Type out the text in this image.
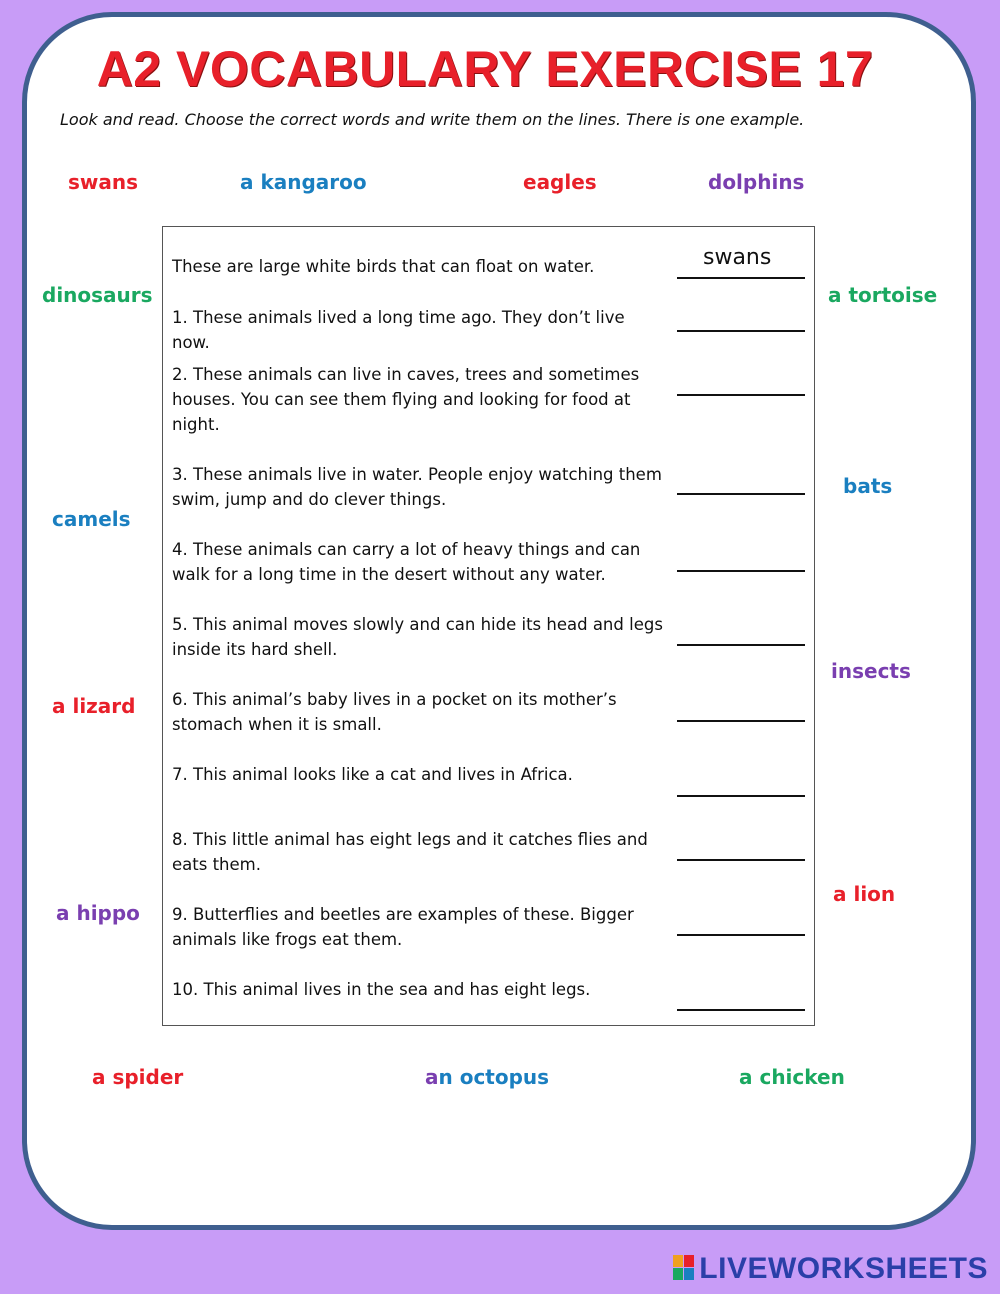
A2 VOCABULARY EXERCISE 17
Look and read. Choose the correct words and write them on the lines. There is one example.
swans	a kangaroo	eagles	dolphins
dinosaurs	a tortoise
bats
camels
insects
a lizard
a lion
a hippo
a spider	an octopus	a chicken
These are large white birds that can float on water.	swans
1. These animals lived a long time ago. They don’t live now.
2. These animals can live in caves, trees and sometimes houses. You can see them flying and looking for food at night.
3. These animals live in water. People enjoy watching them swim, jump and do clever things.
4. These animals can carry a lot of heavy things and can walk for a long time in the desert without any water.
5. This animal moves slowly and can hide its head and legs inside its hard shell.
6. This animal’s baby lives in a pocket on its mother’s stomach when it is small.
7. This animal looks like a cat and lives in Africa.
8. This little animal has eight legs and it catches flies and eats them.
9. Butterflies and beetles are examples of these. Bigger animals like frogs eat them.
10. This animal lives in the sea and has eight legs.
LIVEWORKSHEETS
